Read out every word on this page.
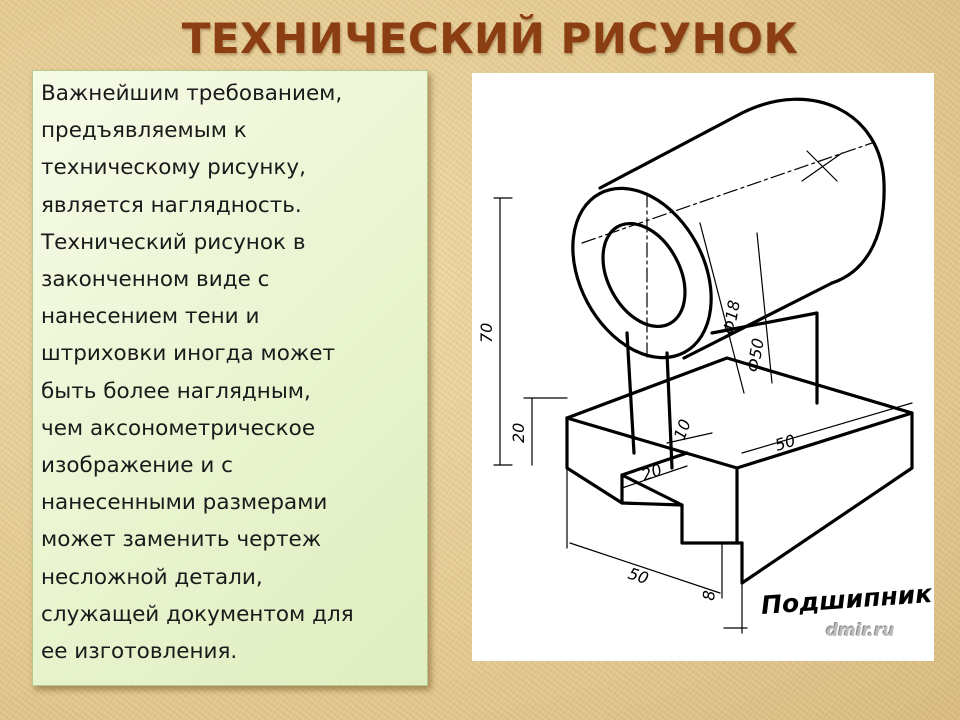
ТЕХНИЧЕСКИЙ РИСУНОК
Важнейшим требованием,
предъявляемым к
техническому рисунку,
является наглядность.
Технический рисунок в
законченном виде с
нанесением тени и
штриховки иногда может
быть более наглядным,
чем аксонометрическое
изображение и с
нанесенными размерами
может заменить чертеж
несложной детали,
служащей документом для
ее изготовления.
70
20	10
50
20
50
8
Ф18
Ф50
Подшипник
dmir.ru
